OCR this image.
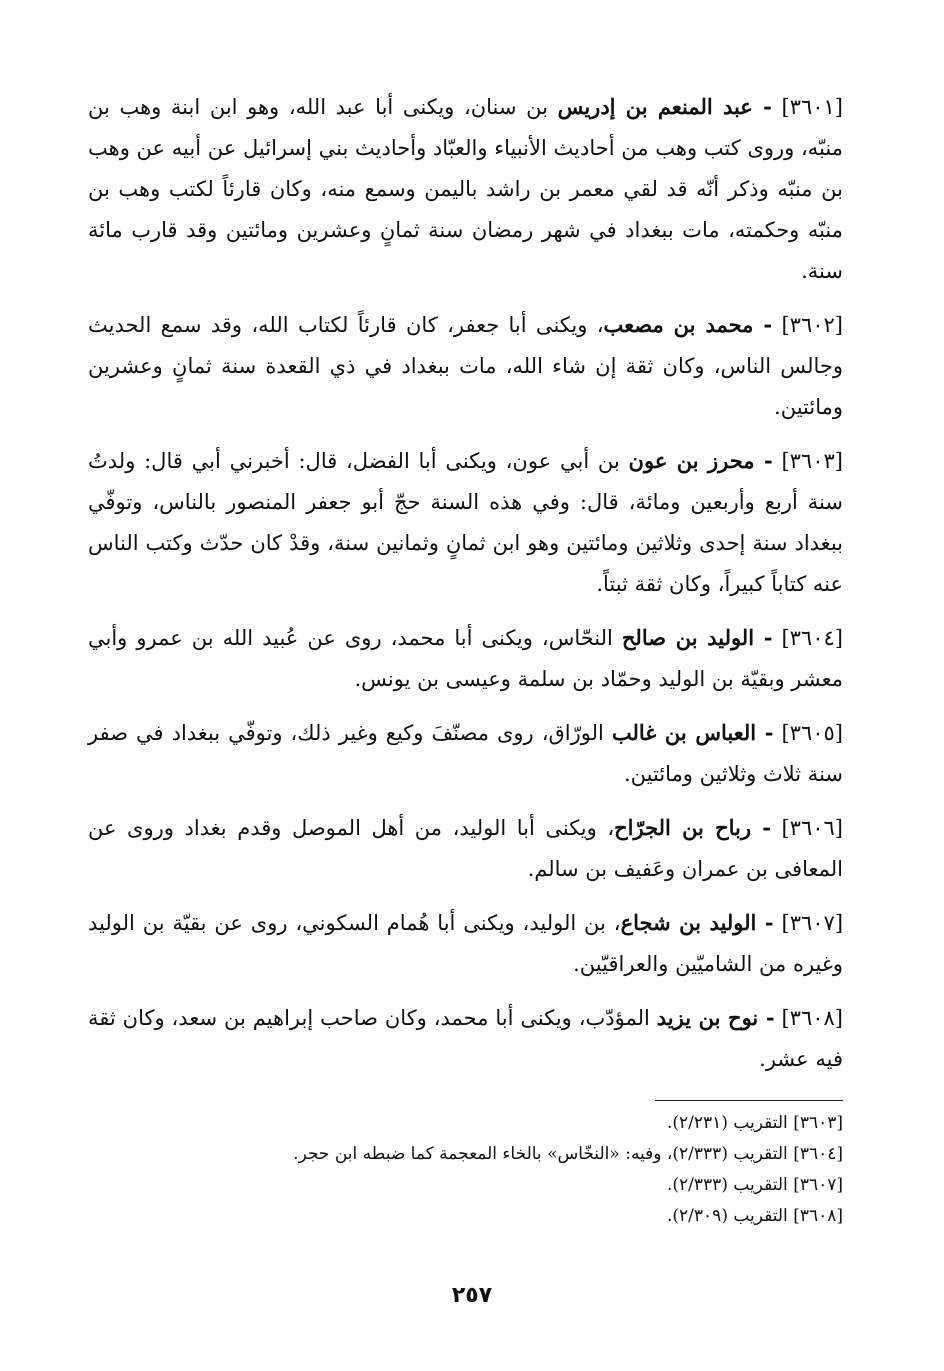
[٣٦٠١] - عبد المنعم بن إدريس بن سنان، ويكنى أبا عبد الله، وهو ابن ابنة وهب بن منبّه، وروى كتب وهب من أحاديث الأنبياء والعبّاد وأحاديث بني إسرائيل عن أبيه عن وهب بن منبّه وذكر أنّه قد لقي معمر بن راشد باليمن وسمع منه، وكان قارئاً لكتب وهب بن منبّه وحكمته، مات ببغداد في شهر رمضان سنة ثمانٍ وعشرين ومائتين وقد قارب مائة سنة.

[٣٦٠٢] - محمد بن مصعب، ويكنى أبا جعفر، كان قارئاً لكتاب الله، وقد سمع الحديث وجالس الناس، وكان ثقة إن شاء الله، مات ببغداد في ذي القعدة سنة ثمانٍ وعشرين ومائتين.

[٣٦٠٣] - محرز بن عون بن أبي عون، ويكنى أبا الفضل، قال: أخبرني أبي قال: ولدتُ سنة أربع وأربعين ومائة، قال: وفي هذه السنة حجّ أبو جعفر المنصور بالناس، وتوفّي ببغداد سنة إحدى وثلاثين ومائتين وهو ابن ثمانٍ وثمانين سنة، وقدْ كان حدّث وكتب الناس عنه كتاباً كبيراً، وكان ثقة ثبتاً.

[٣٦٠٤] - الوليد بن صالح النحّاس، ويكنى أبا محمد، روى عن عُبيد الله بن عمرو وأبي معشر وبقيّة بن الوليد وحمّاد بن سلمة وعيسى بن يونس.

[٣٦٠٥] - العباس بن غالب الورّاق، روى مصنّفَ وكيع وغير ذلك، وتوفّي ببغداد في صفر سنة ثلاث وثلاثين ومائتين.

[٣٦٠٦] - رباح بن الجرّاح، ويكنى أبا الوليد، من أهل الموصل وقدم بغداد وروى عن المعافى بن عمران وعَفيف بن سالم.

[٣٦٠٧] - الوليد بن شجاع، بن الوليد، ويكنى أبا هُمام السكوني، روى عن بقيّة بن الوليد وغيره من الشاميّين والعراقيّين.

[٣٦٠٨] - نوح بن يزيد المؤدّب، ويكنى أبا محمد، وكان صاحب إبراهيم بن سعد، وكان ثقة فيه عشر.

[٣٦٠٣] التقريب (٢/٢٣١).

[٣٦٠٤] التقريب (٢/٣٣٣)، وفيه: «النخّاس» بالخاء المعجمة كما ضبطه ابن حجر.

[٣٦٠٧] التقريب (٢/٣٣٣).

[٣٦٠٨] التقريب (٢/٣٠٩).

٢٥٧
